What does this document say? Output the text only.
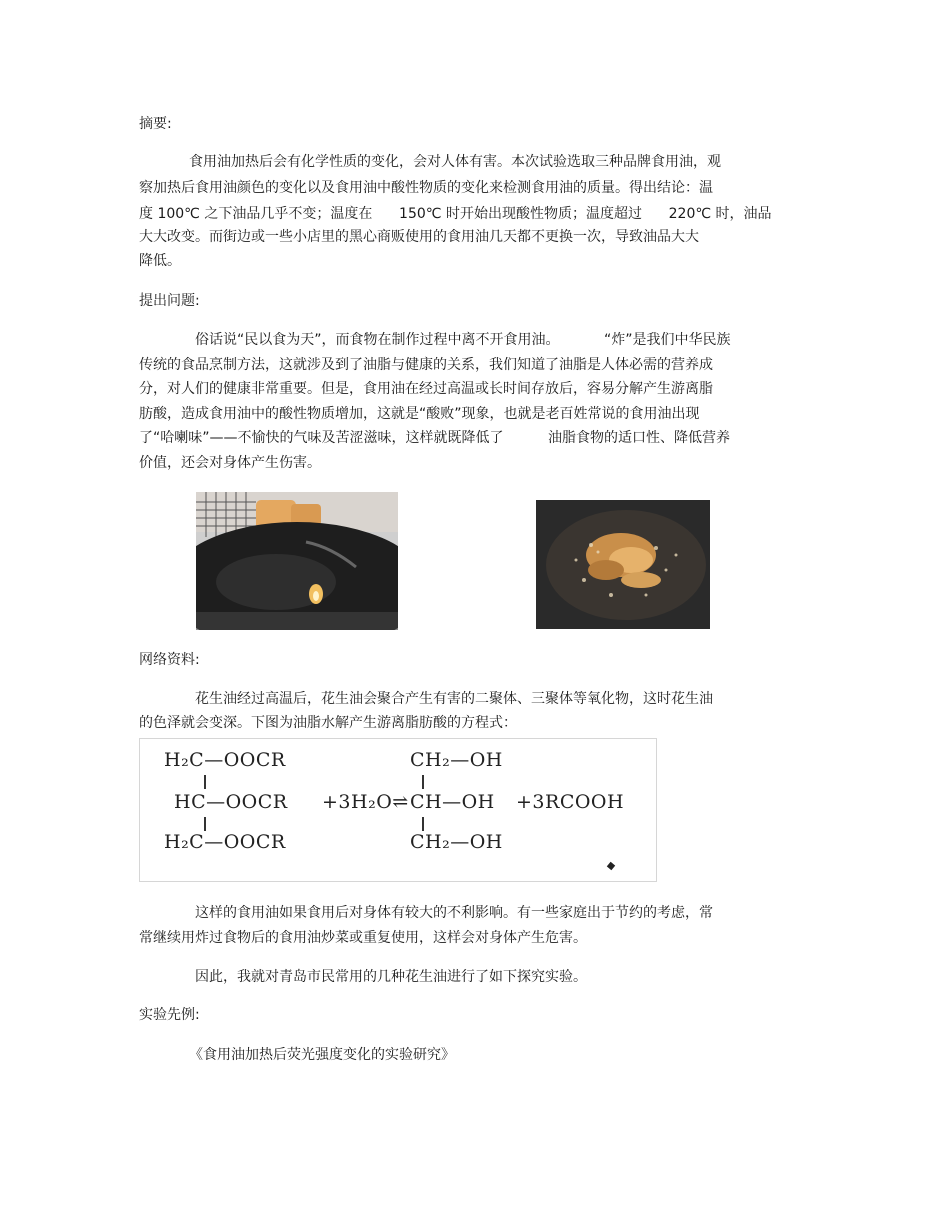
摘要:
食用油加热后会有化学性质的变化，会对人体有害。本次试验选取三种品牌食用油，观
察加热后食用油颜色的变化以及食用油中酸性物质的变化来检测食用油的质量。得出结论：温
度 100℃ 之下油品几乎不变；温度在      150℃ 时开始出现酸性物质；温度超过      220℃ 时，油品
大大改变。而街边或一些小店里的黑心商贩使用的食用油几天都不更换一次，导致油品大大
降低。
提出问题:
俗话说“民以食为天”，而食物在制作过程中离不开食用油。          “炸”是我们中华民族
传统的食品烹制方法，这就涉及到了油脂与健康的关系，我们知道了油脂是人体必需的营养成
分，对人们的健康非常重要。但是，食用油在经过高温或长时间存放后，容易分解产生游离脂
肪酸，造成食用油中的酸性物质增加，这就是“酸败”现象，也就是老百姓常说的食用油出现
了“哈喇味”——不愉快的气味及苦涩滋味，这样就既降低了          油脂食物的适口性、降低营养
价值，还会对身体产生伤害。
网络资料:
花生油经过高温后，花生油会聚合产生有害的二聚体、三聚体等氧化物，这时花生油
的色泽就会变深。下图为油脂水解产生游离脂肪酸的方程式：
H₂C—OOCR
HC—OOCR +3H₂O⇌
H₂C—OOCR
CH₂—OH
CH—OH +3RCOOH
CH₂—OH
这样的食用油如果食用后对身体有较大的不利影响。有一些家庭出于节约的考虑，常
常继续用炸过食物后的食用油炒菜或重复使用，这样会对身体产生危害。
因此，我就对青岛市民常用的几种花生油进行了如下探究实验。
实验先例:
《食用油加热后荧光强度变化的实验研究》
